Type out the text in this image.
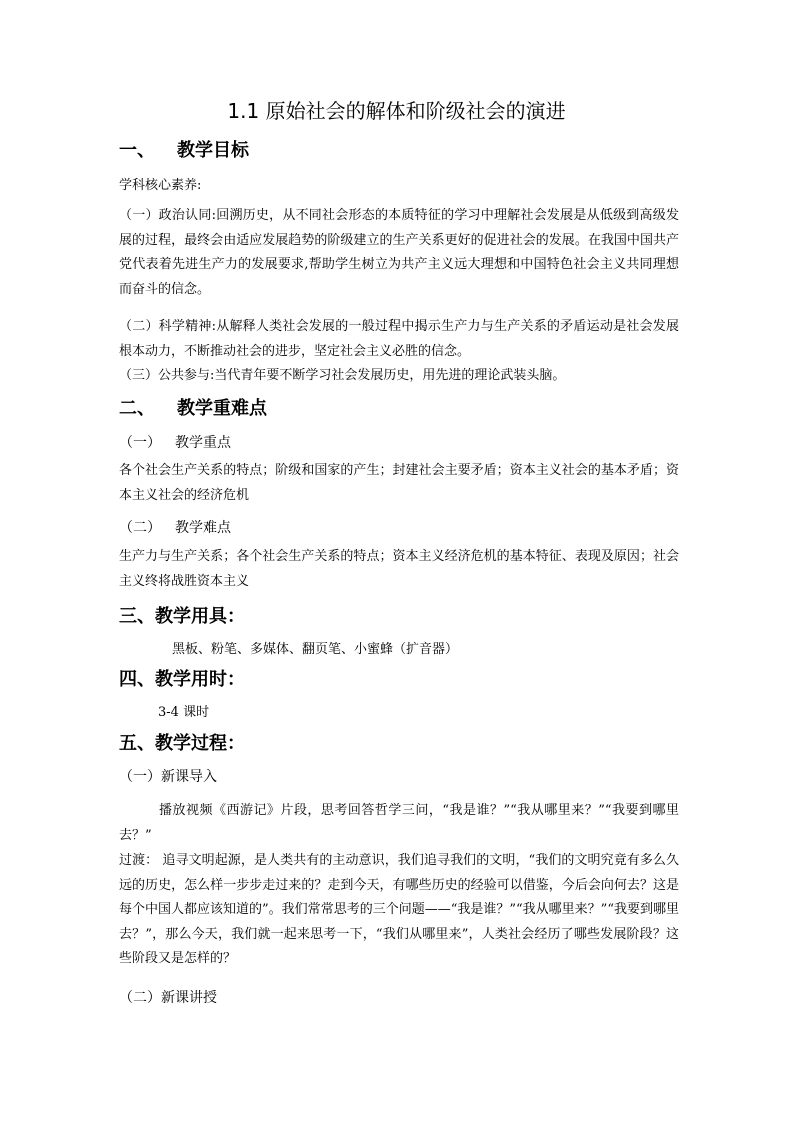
1.1 原始社会的解体和阶级社会的演进
一、 教学目标
学科核心素养:
（一）政治认同:回溯历史，从不同社会形态的本质特征的学习中理解社会发展是从低级到高级发展的过程，最终会由适应发展趋势的阶级建立的生产关系更好的促进社会的发展。在我国中国共产党代表着先进生产力的发展要求,帮助学生树立为共产主义远大理想和中国特色社会主义共同理想而奋斗的信念。
（二）科学精神:从解释人类社会发展的一般过程中揭示生产力与生产关系的矛盾运动是社会发展根本动力，不断推动社会的进步，坚定社会主义必胜的信念。
（三）公共参与:当代青年要不断学习社会发展历史，用先进的理论武装头脑。
二、 教学重难点
（一） 教学重点
各个社会生产关系的特点；阶级和国家的产生；封建社会主要矛盾；资本主义社会的基本矛盾；资本主义社会的经济危机
（二） 教学难点
生产力与生产关系；各个社会生产关系的特点；资本主义经济危机的基本特征、表现及原因；社会主义终将战胜资本主义
三、教学用具：
黑板、粉笔、多媒体、翻页笔、小蜜蜂（扩音器）
四、教学用时：
3-4 课时
五、教学过程：
（一）新课导入
播放视频《西游记》片段，思考回答哲学三问，“我是谁？”“我从哪里来？”“我要到哪里去？”
过渡： 追寻文明起源，是人类共有的主动意识，我们追寻我们的文明，“我们的文明究竟有多么久远的历史，怎么样一步步走过来的？走到今天，有哪些历史的经验可以借鉴，今后会向何去？这是每个中国人都应该知道的”。我们常常思考的三个问题——“我是谁？”“我从哪里来？”“我要到哪里去？”，那么今天，我们就一起来思考一下，“我们从哪里来”，人类社会经历了哪些发展阶段？这些阶段又是怎样的？
（二）新课讲授
